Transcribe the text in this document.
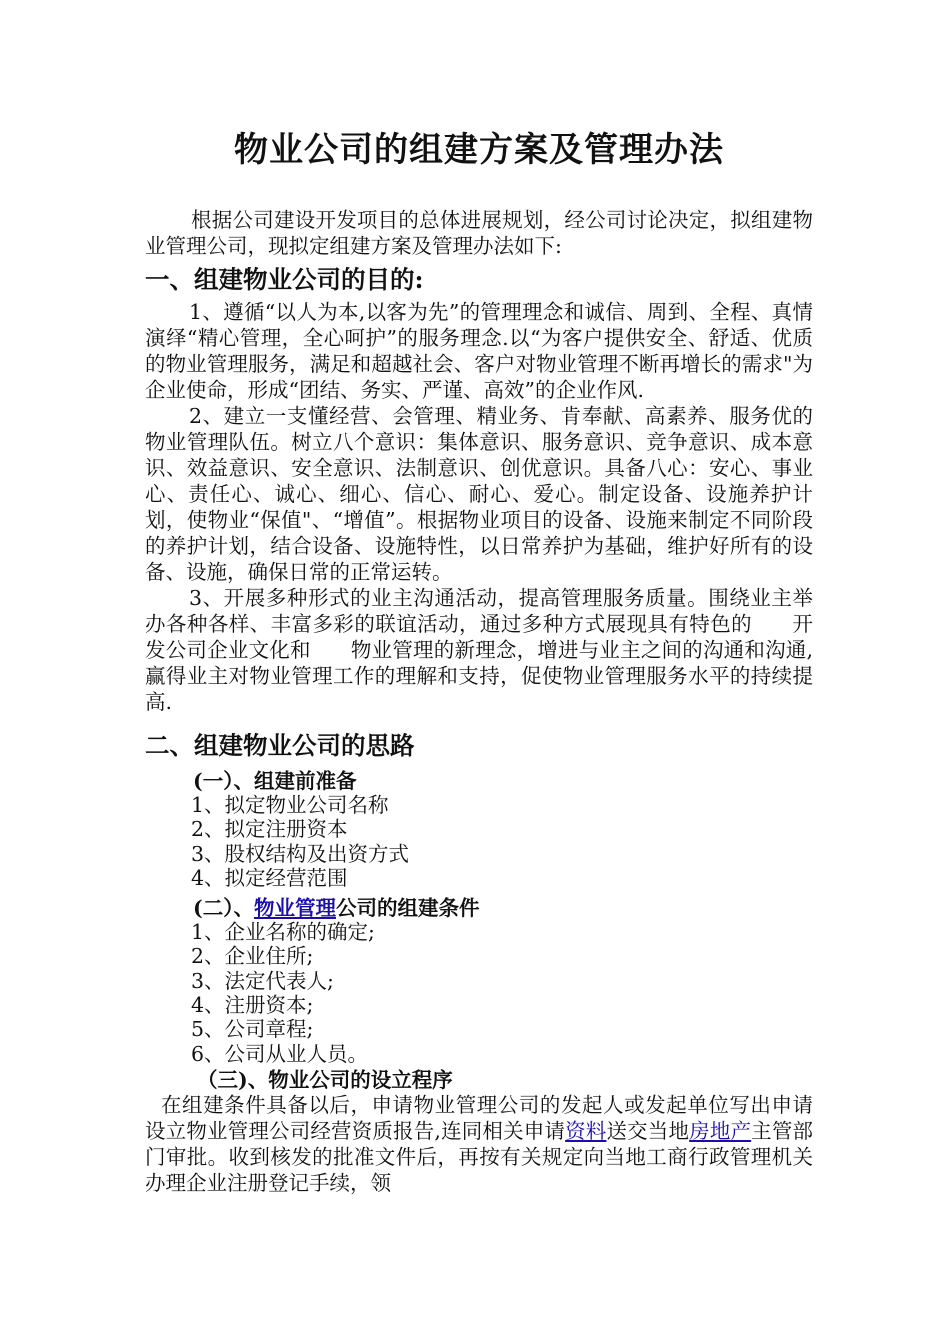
物业公司的组建方案及管理办法

根据公司建设开发项目的总体进展规划，经公司讨论决定，拟组建物业管理公司，现拟定组建方案及管理办法如下:

一、组建物业公司的目的:

1、遵循“以人为本,以客为先”的管理理念和诚信、周到、全程、真情演绎“精心管理，全心呵护”的服务理念.以“为客户提供安全、舒适、优质的物业管理服务，满足和超越社会、客户对物业管理不断再增长的需求"为企业使命，形成“团结、务实、严谨、高效”的企业作风.

2、建立一支懂经营、会管理、精业务、肯奉献、高素养、服务优的物业管理队伍。树立八个意识：集体意识、服务意识、竞争意识、成本意识、效益意识、安全意识、法制意识、创优意识。具备八心：安心、事业心、责任心、诚心、细心、信心、耐心、爱心。制定设备、设施养护计划，使物业“保值"、“增值”。根据物业项目的设备、设施来制定不同阶段的养护计划，结合设备、设施特性，以日常养护为基础，维护好所有的设备、设施，确保日常的正常运转。

3、开展多种形式的业主沟通活动，提高管理服务质量。围绕业主举办各种各样、丰富多彩的联谊活动，通过多种方式展现具有特色的 开发公司企业文化和 物业管理的新理念，增进与业主之间的沟通和沟通,赢得业主对物业管理工作的理解和支持，促使物业管理服务水平的持续提高.

二、组建物业公司的思路
(一）、组建前准备
1、拟定物业公司名称
2、拟定注册资本
3、股权结构及出资方式
4、拟定经营范围
(二）、物业管理公司的组建条件
1、企业名称的确定;
2、企业住所;
3、法定代表人;
4、注册资本;
5、公司章程;
6、公司从业人员。
（三)、物业公司的设立程序

在组建条件具备以后，申请物业管理公司的发起人或发起单位写出申请设立物业管理公司经营资质报告,连同相关申请资料送交当地房地产主管部门审批。收到核发的批准文件后，再按有关规定向当地工商行政管理机关办理企业注册登记手续，领
